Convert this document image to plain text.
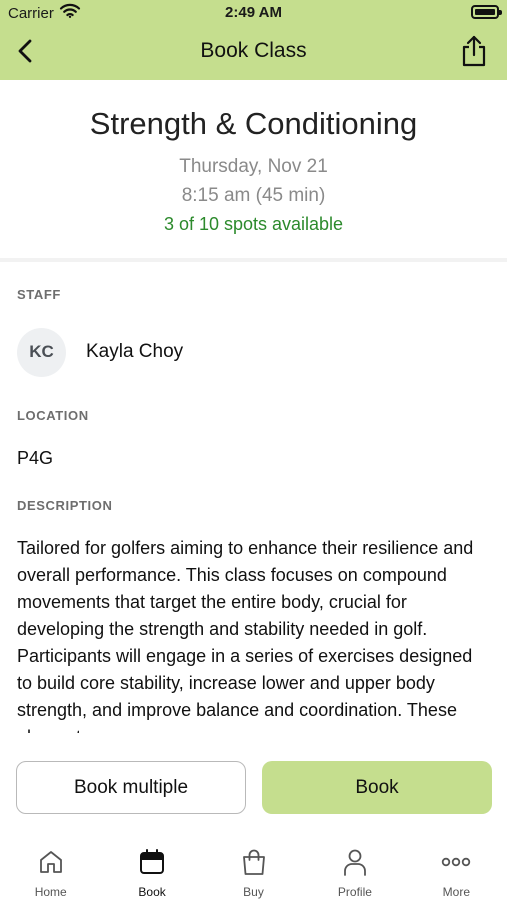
Carrier	2:49 AM
Book Class
Strength & Conditioning
Thursday, Nov 21
8:15 am (45 min)
3 of 10 spots available
STAFF
KC	Kayla Choy
LOCATION
P4G
DESCRIPTION
Tailored for golfers aiming to enhance their resilience and overall performance. This class focuses on compound movements that target the entire body, crucial for developing the strength and stability needed in golf. Participants will engage in a series of exercises designed to build core stability, increase lower and upper body strength, and improve balance and coordination. These
Book multiple	Book
Home	Book	Buy	Profile	More
